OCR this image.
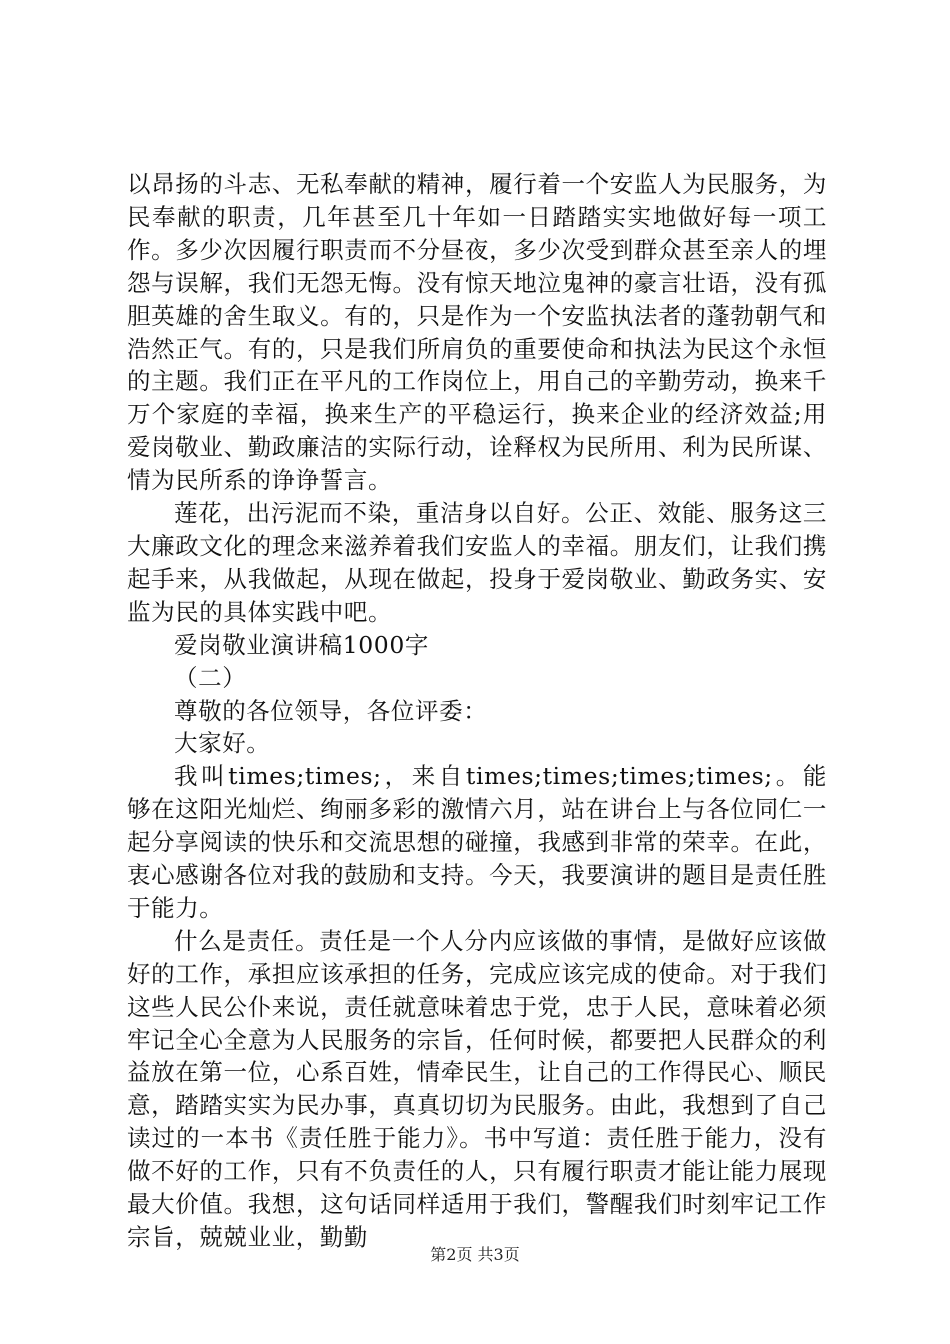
以昂扬的斗志、无私奉献的精神，履行着一个安监人为民服务，为民奉献的职责，几年甚至几十年如一日踏踏实实地做好每一项工作。多少次因履行职责而不分昼夜，多少次受到群众甚至亲人的埋怨与误解，我们无怨无悔。没有惊天地泣鬼神的豪言壮语，没有孤胆英雄的舍生取义。有的，只是作为一个安监执法者的蓬勃朝气和浩然正气。有的，只是我们所肩负的重要使命和执法为民这个永恒的主题。我们正在平凡的工作岗位上，用自己的辛勤劳动，换来千万个家庭的幸福，换来生产的平稳运行，换来企业的经济效益;用爱岗敬业、勤政廉洁的实际行动，诠释权为民所用、利为民所谋、情为民所系的诤诤誓言。

莲花，出污泥而不染，重洁身以自好。公正、效能、服务这三大廉政文化的理念来滋养着我们安监人的幸福。朋友们，让我们携起手来，从我做起，从现在做起，投身于爱岗敬业、勤政务实、安监为民的具体实践中吧。

爱岗敬业演讲稿1000字

（二）

尊敬的各位领导，各位评委：

大家好。

我叫times;times;，来自times;times;times;times;。能够在这阳光灿烂、绚丽多彩的激情六月，站在讲台上与各位同仁一起分享阅读的快乐和交流思想的碰撞，我感到非常的荣幸。在此，衷心感谢各位对我的鼓励和支持。今天，我要演讲的题目是责任胜于能力。

什么是责任。责任是一个人分内应该做的事情，是做好应该做好的工作，承担应该承担的任务，完成应该完成的使命。对于我们这些人民公仆来说，责任就意味着忠于党，忠于人民，意味着必须牢记全心全意为人民服务的宗旨，任何时候，都要把人民群众的利益放在第一位，心系百姓，情牵民生，让自己的工作得民心、顺民意，踏踏实实为民办事，真真切切为民服务。由此，我想到了自己读过的一本书《责任胜于能力》。书中写道：责任胜于能力，没有做不好的工作，只有不负责任的人，只有履行职责才能让能力展现最大价值。我想，这句话同样适用于我们，警醒我们时刻牢记工作宗旨，兢兢业业，勤勤

第2页 共3页
